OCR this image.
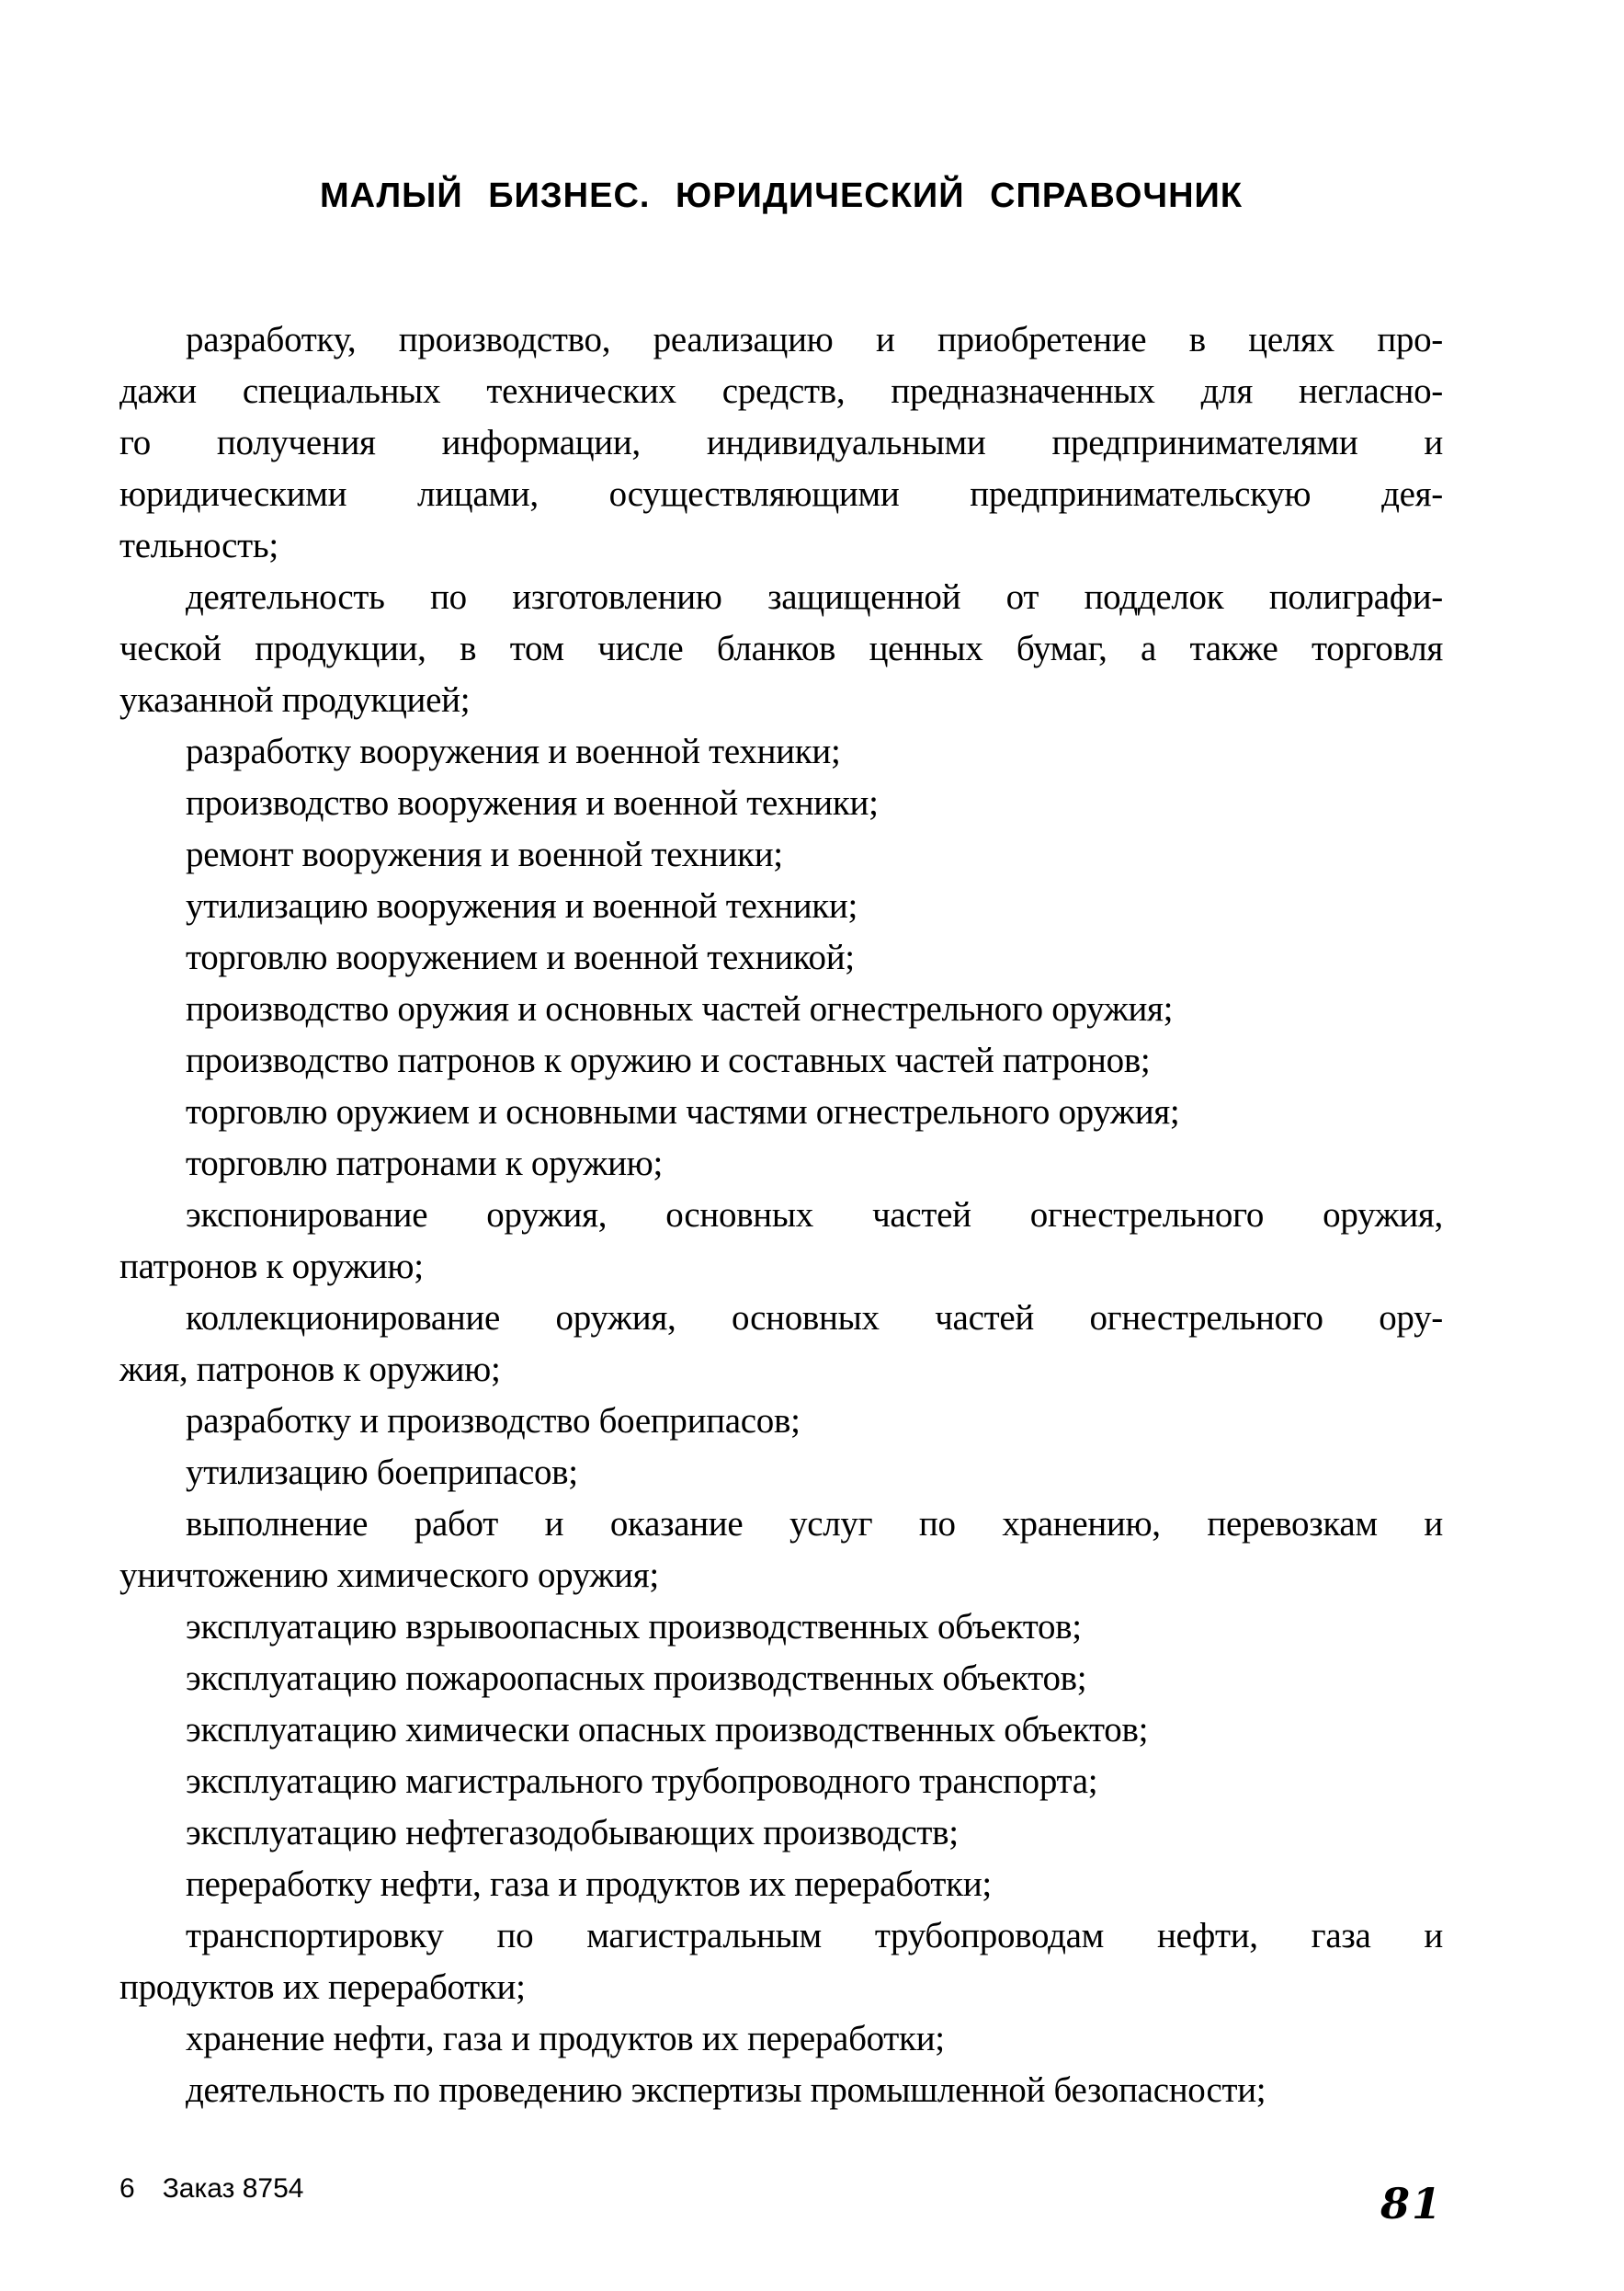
МАЛЫЙ БИЗНЕС. ЮРИДИЧЕСКИЙ СПРАВОЧНИК
разработку, производство, реализацию и приобретение в целях про-
дажи специальных технических средств, предназначенных для негласно-
го получения информации, индивидуальными предпринимателями и
юридическими лицами, осуществляющими предпринимательскую дея-
тельность;
деятельность по изготовлению защищенной от подделок полиграфи-
ческой продукции, в том числе бланков ценных бумаг, а также торговля
указанной продукцией;
разработку вооружения и военной техники;
производство вооружения и военной техники;
ремонт вооружения и военной техники;
утилизацию вооружения и военной техники;
торговлю вооружением и военной техникой;
производство оружия и основных частей огнестрельного оружия;
производство патронов к оружию и составных частей патронов;
торговлю оружием и основными частями огнестрельного оружия;
торговлю патронами к оружию;
экспонирование оружия, основных частей огнестрельного оружия,
патронов к оружию;
коллекционирование оружия, основных частей огнестрельного ору-
жия, патронов к оружию;
разработку и производство боеприпасов;
утилизацию боеприпасов;
выполнение работ и оказание услуг по хранению, перевозкам и
уничтожению химического оружия;
эксплуатацию взрывоопасных производственных объектов;
эксплуатацию пожароопасных производственных объектов;
эксплуатацию химически опасных производственных объектов;
эксплуатацию магистрального трубопроводного транспорта;
эксплуатацию нефтегазодобывающих производств;
переработку нефти, газа и продуктов их переработки;
транспортировку по магистральным трубопроводам нефти, газа и
продуктов их переработки;
хранение нефти, газа и продуктов их переработки;
деятельность по проведению экспертизы промышленной безопасности;
6 Заказ 8754	81
